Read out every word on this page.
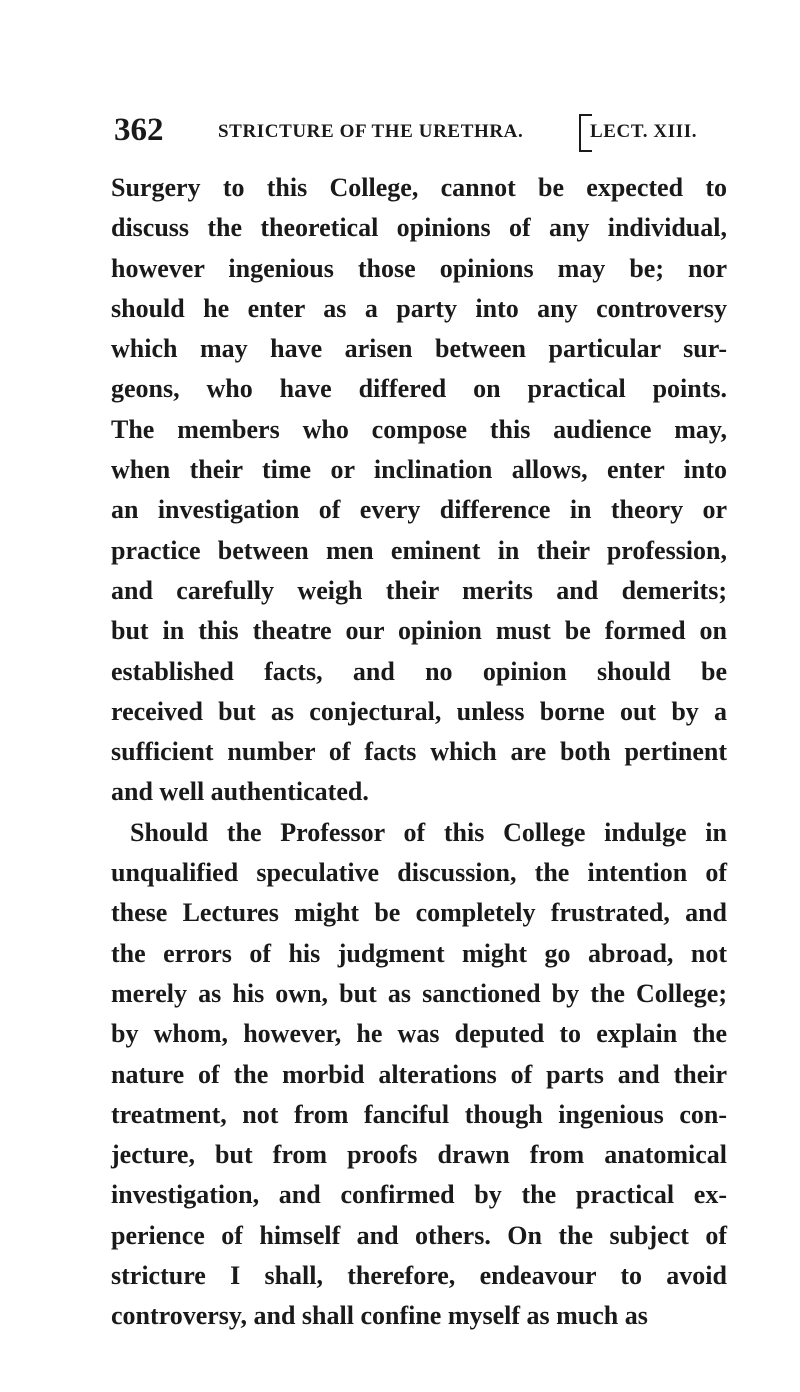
362	STRICTURE OF THE URETHRA.	LECT. XIII.
Surgery to this College, cannot be expected to
discuss the theoretical opinions of any individual,
however ingenious those opinions may be; nor
should he enter as a party into any controversy
which may have arisen between particular sur-
geons, who have differed on practical points.
The members who compose this audience may,
when their time or inclination allows, enter into
an investigation of every difference in theory or
practice between men eminent in their profession,
and carefully weigh their merits and demerits;
but in this theatre our opinion must be formed on
established facts, and no opinion should be
received but as conjectural, unless borne out by a
sufficient number of facts which are both pertinent
and well authenticated.
Should the Professor of this College indulge in
unqualified speculative discussion, the intention of
these Lectures might be completely frustrated, and
the errors of his judgment might go abroad, not
merely as his own, but as sanctioned by the College;
by whom, however, he was deputed to explain the
nature of the morbid alterations of parts and their
treatment, not from fanciful though ingenious con-
jecture, but from proofs drawn from anatomical
investigation, and confirmed by the practical ex-
perience of himself and others. On the subject of
stricture I shall, therefore, endeavour to avoid
controversy, and shall confine myself as much as
